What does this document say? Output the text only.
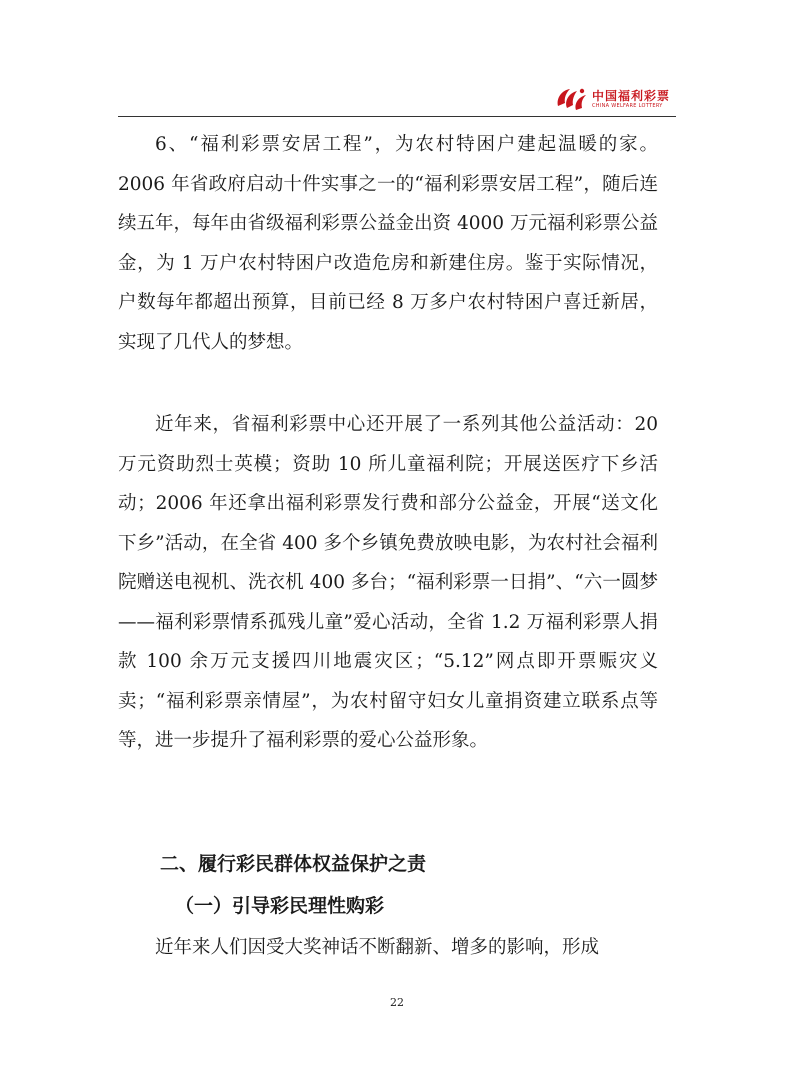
中国福利彩票
CHINA WELFARE LOTTERY

6、“福利彩票安居工程”，为农村特困户建起温暖的家。2006 年省政府启动十件实事之一的“福利彩票安居工程”，随后连续五年，每年由省级福利彩票公益金出资 4000 万元福利彩票公益金，为 1 万户农村特困户改造危房和新建住房。鉴于实际情况，户数每年都超出预算，目前已经 8 万多户农村特困户喜迁新居，实现了几代人的梦想。

近年来，省福利彩票中心还开展了一系列其他公益活动：20 万元资助烈士英模；资助 10 所儿童福利院；开展送医疗下乡活动；2006 年还拿出福利彩票发行费和部分公益金，开展“送文化下乡”活动，在全省 400 多个乡镇免费放映电影，为农村社会福利院赠送电视机、洗衣机 400 多台；“福利彩票一日捐”、“六一圆梦——福利彩票情系孤残儿童”爱心活动，全省 1.2 万福利彩票人捐款 100 余万元支援四川地震灾区；“5.12”网点即开票赈灾义卖；“福利彩票亲情屋”，为农村留守妇女儿童捐资建立联系点等等，进一步提升了福利彩票的爱心公益形象。

二、履行彩民群体权益保护之责
（一）引导彩民理性购彩

近年来人们因受大奖神话不断翻新、增多的影响，形成

22
